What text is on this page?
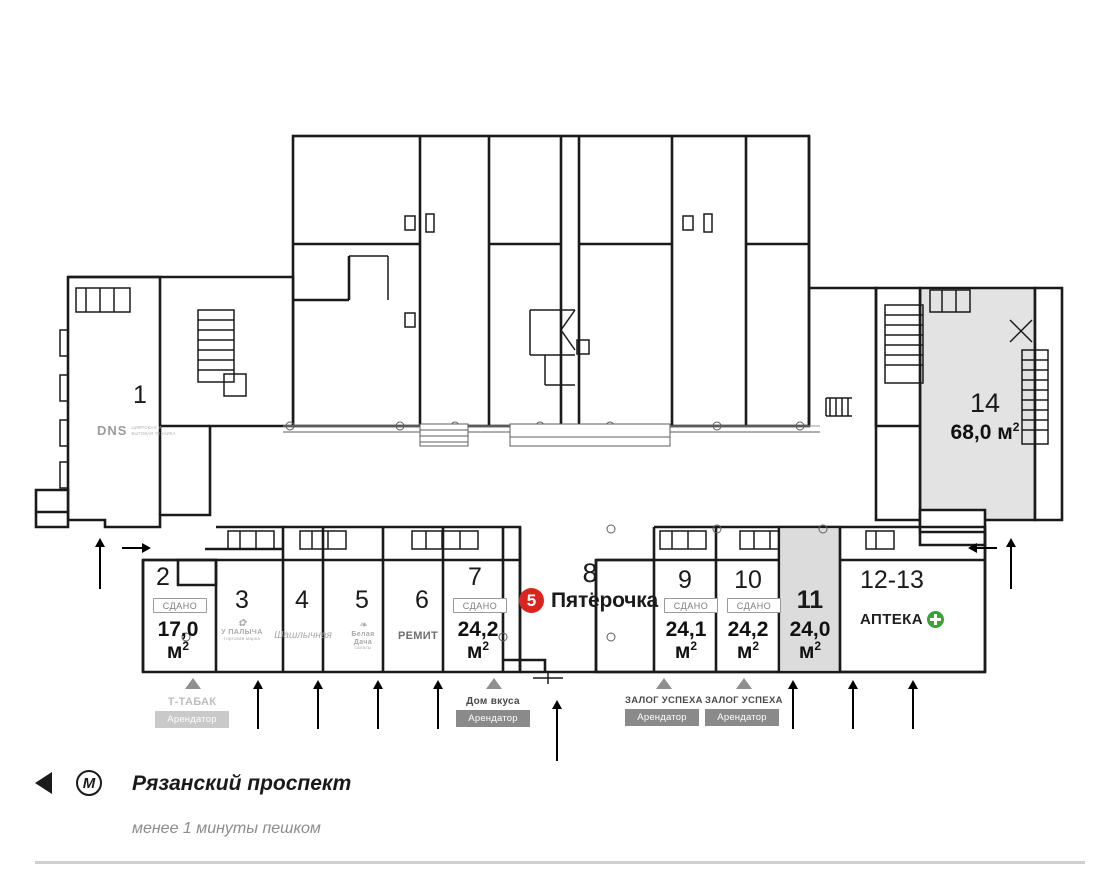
1
2
СДАНО
17,0
$м^2$
3	4	5	6
7
СДАНО
24,2
$м^2$
8	9
СДАНО
24,1
$м^2$
10
СДАНО
24,2
$м^2$
11
24,0
$м^2$
12-13
14
68,0 $м^2$
DNS ЦИФРОВАЯ И
БЫТОВАЯ ТЕХНИКА
✿
У ПАЛЫЧА
торговая марка	Шашлычная
❧
Белая
Дача
салаты
РЕМИТ
5 Пятёрочка
АПТЕКА
Т-ТАБАК
Арендатор
Дом вкуса
Арендатор
ЗАЛОГ УСПЕХА
Арендатор
ЗАЛОГ УСПЕХА
Арендатор
M	Рязанский проспект
менее 1 минуты пешком
